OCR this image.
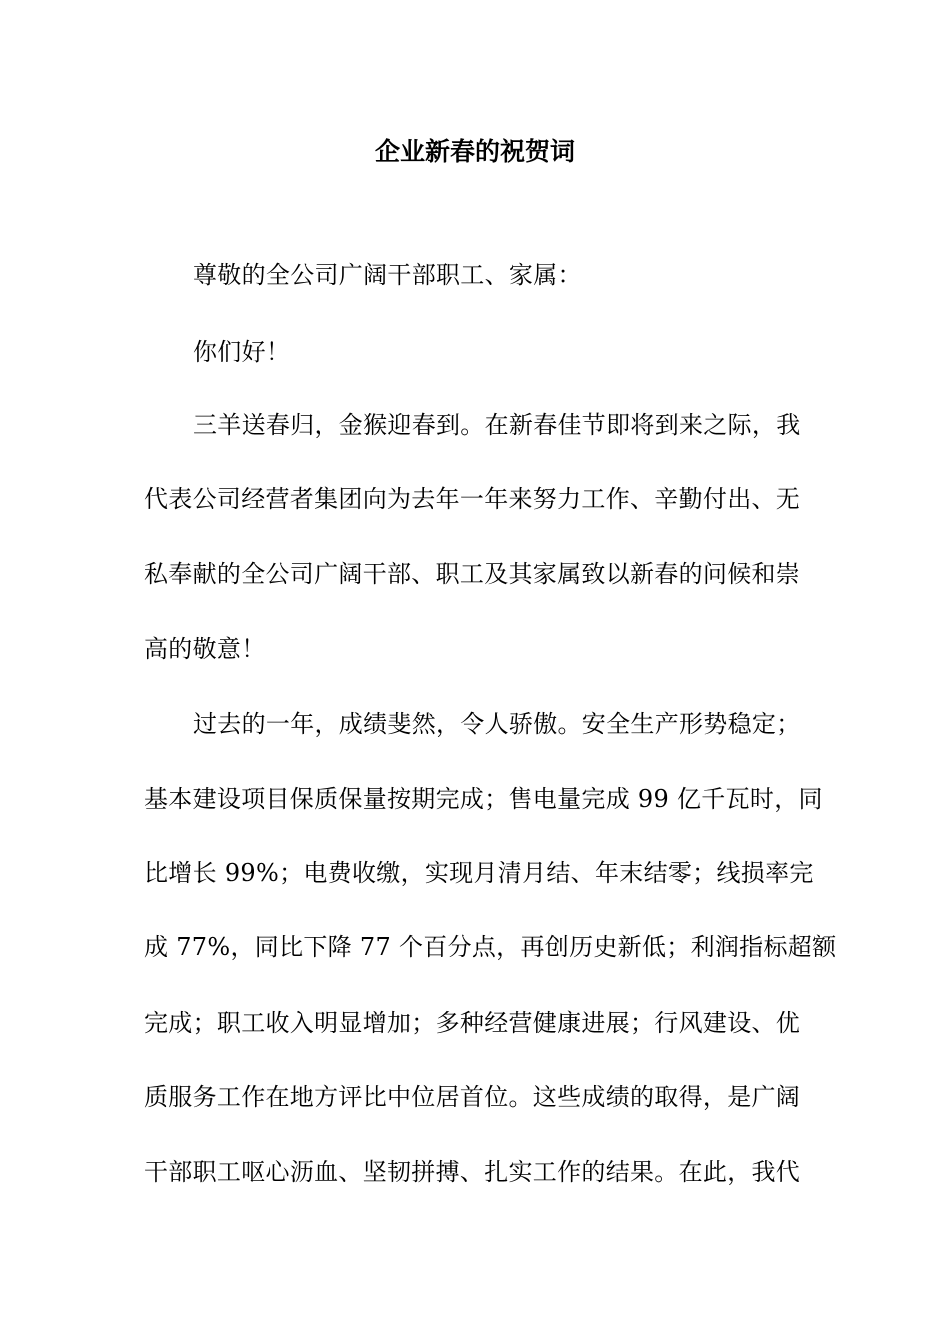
企业新春的祝贺词
尊敬的全公司广阔干部职工、家属：
你们好！
三羊送春归，金猴迎春到。在新春佳节即将到来之际，我
代表公司经营者集团向为去年一年来努力工作、辛勤付出、无
私奉献的全公司广阔干部、职工及其家属致以新春的问候和崇
高的敬意！
过去的一年，成绩斐然，令人骄傲。安全生产形势稳定；
基本建设项目保质保量按期完成；售电量完成 99 亿千瓦时，同
比增长 99%；电费收缴，实现月清月结、年末结零；线损率完
成 77%，同比下降 77 个百分点，再创历史新低；利润指标超额
完成；职工收入明显增加；多种经营健康进展；行风建设、优
质服务工作在地方评比中位居首位。这些成绩的取得，是广阔
干部职工呕心沥血、坚韧拼搏、扎实工作的结果。在此，我代
